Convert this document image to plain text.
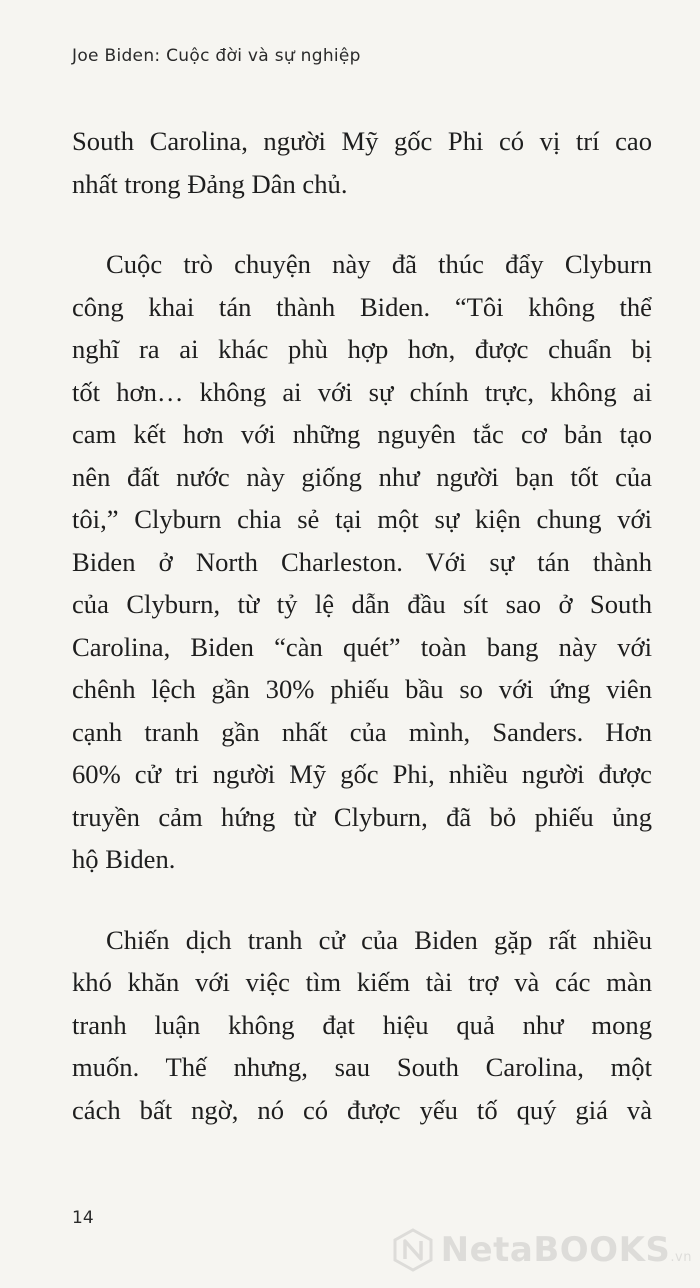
Joe Biden: Cuộc đời và sự nghiệp

South Carolina, người Mỹ gốc Phi có vị trí cao
nhất trong Đảng Dân chủ.

Cuộc trò chuyện này đã thúc đẩy Clyburn
công khai tán thành Biden. “Tôi không thể
nghĩ ra ai khác phù hợp hơn, được chuẩn bị
tốt hơn… không ai với sự chính trực, không ai
cam kết hơn với những nguyên tắc cơ bản tạo
nên đất nước này giống như người bạn tốt của
tôi,” Clyburn chia sẻ tại một sự kiện chung với
Biden ở North Charleston. Với sự tán thành
của Clyburn, từ tỷ lệ dẫn đầu sít sao ở South
Carolina, Biden “càn quét” toàn bang này với
chênh lệch gần 30% phiếu bầu so với ứng viên
cạnh tranh gần nhất của mình, Sanders. Hơn
60% cử tri người Mỹ gốc Phi, nhiều người được
truyền cảm hứng từ Clyburn, đã bỏ phiếu ủng
hộ Biden.

Chiến dịch tranh cử của Biden gặp rất nhiều
khó khăn với việc tìm kiếm tài trợ và các màn
tranh luận không đạt hiệu quả như mong
muốn. Thế nhưng, sau South Carolina, một
cách bất ngờ, nó có được yếu tố quý giá và

14
NetaBOOKS.vn
